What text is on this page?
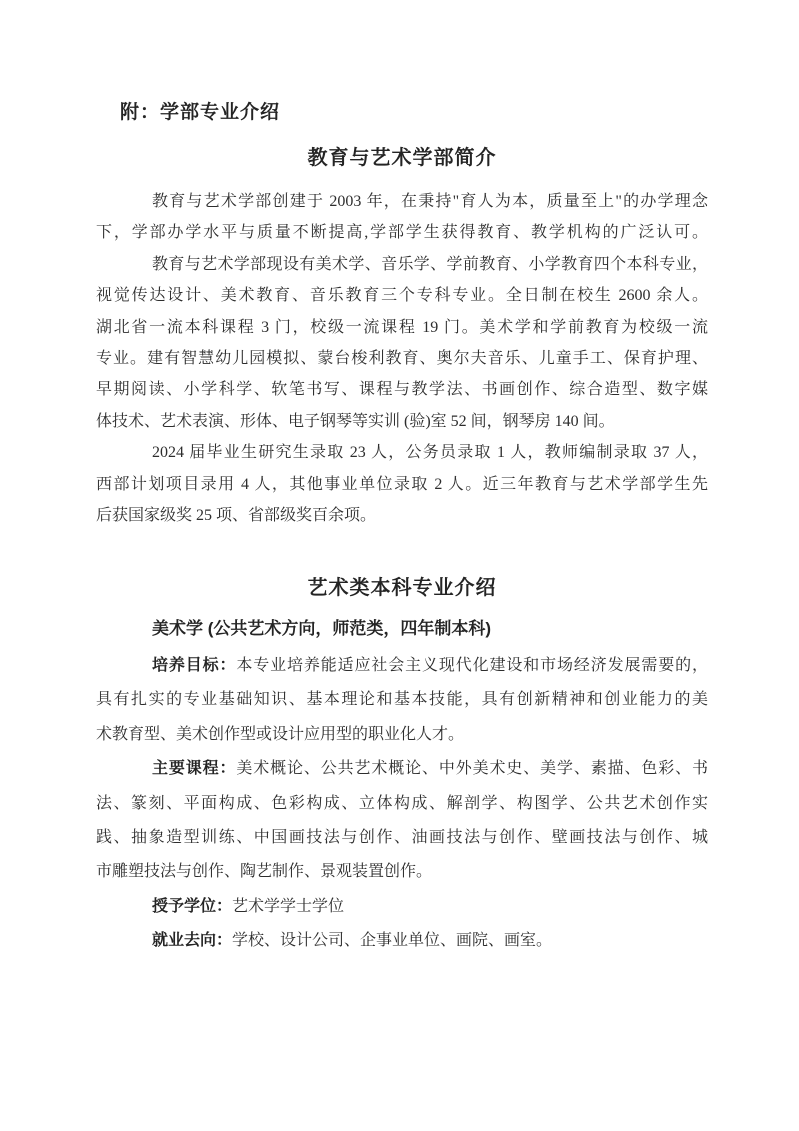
附：学部专业介绍
教育与艺术学部简介
教育与艺术学部创建于 2003 年，在秉持"育人为本，质量至上"的办学理念
下，学部办学水平与质量不断提高,学部学生获得教育、教学机构的广泛认可。
教育与艺术学部现设有美术学、音乐学、学前教育、小学教育四个本科专业，
视觉传达设计、美术教育、音乐教育三个专科专业。全日制在校生 2600 余人。
湖北省一流本科课程 3 门，校级一流课程 19 门。美术学和学前教育为校级一流
专业。建有智慧幼儿园模拟、蒙台梭利教育、奥尔夫音乐、儿童手工、保育护理、
早期阅读、小学科学、软笔书写、课程与教学法、书画创作、综合造型、数字媒
体技术、艺术表演、形体、电子钢琴等实训 (验)室 52 间，钢琴房 140 间。
2024 届毕业生研究生录取 23 人，公务员录取 1 人，教师编制录取 37 人，
西部计划项目录用 4 人，其他事业单位录取 2 人。近三年教育与艺术学部学生先
后获国家级奖 25 项、省部级奖百余项。
艺术类本科专业介绍
美术学 (公共艺术方向，师范类，四年制本科)
培养目标：本专业培养能适应社会主义现代化建设和市场经济发展需要的，
具有扎实的专业基础知识、基本理论和基本技能，具有创新精神和创业能力的美
术教育型、美术创作型或设计应用型的职业化人才。
主要课程：美术概论、公共艺术概论、中外美术史、美学、素描、色彩、书
法、篆刻、平面构成、色彩构成、立体构成、解剖学、构图学、公共艺术创作实
践、抽象造型训练、中国画技法与创作、油画技法与创作、壁画技法与创作、城
市雕塑技法与创作、陶艺制作、景观装置创作。
授予学位：艺术学学士学位
就业去向：学校、设计公司、企事业单位、画院、画室。
